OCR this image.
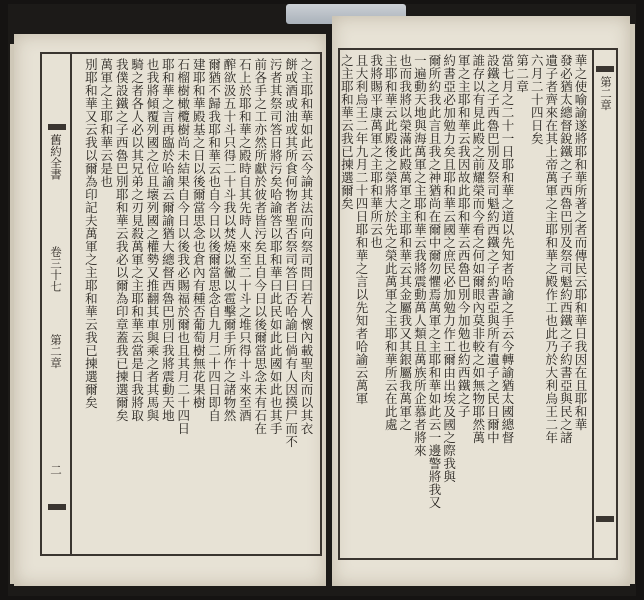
舊約全書
卷三十七
第二章
二
之主耶和華如此云今論其法而向祭司問曰若人懷內載聖肉而以其衣
餅或酒或油或其所食何物者聖否祭司答曰否哈諭曰倘有人因摸尸而不
污者其祭司答日將污矣哈諭答以耶和華曰此民如此此國如此也其手
前各手之工亦然所獻於彼者皆污矣且自今日以後爾當思念未有石在
石上於耶和華之殿時自其先時人來至二十斗之堆只得十斗來至酒
醡欲汲五十斗只得二十斗我以焚燒以黴以雹擊爾手所作之諸物然
爾猶不歸我耶和華云也自今日以後爾當思念自九月二十四日即自
建耶和華殿基之日以後爾當思念也倉內有種否葡萄樹無花果樹
石榴樹橄欖樹尚未結果自今日以後我必賜福於爾也且其月二十四日
耶和華之言再臨於哈諭云爾諭猶大總督西魯巴別曰我將震動天地
也我將傾覆列國之位且壞列國之權勢又推翻其車與乘之者其馬與
騎之者各人必以其兄弟之刃見殺萬軍之主耶和華云當是日我將取
我僕設鐵之子西魯巴別耶和華云我必以爾為印章蓋我已揀選爾矣
萬軍之主耶和華云是也
別耶和華又云我以爾為印記夫萬軍之主耶和華云我已揀選爾矣	第二章
華之使喻諭遂將耶和華所著之者而傳民云耶和華日我因在且耶和華
發必猶太總督銳鐵之子西魯巴別及祭司魁約西鐵之子約書亞與民之諸
遺子者齊來在其上帝萬軍之主耶和華之殿作工也此乃於大利烏王二年
六月二十四日矣
第二章
當七月之二十一日耶和華之道以先知者哈諭之手云今轉諭猶太國總督
設鐵之子西魯巴別及祭司魁約西鐵之子約書亞與所有遺子之民日爾中
誰存以有見此殿之前耀榮而今看之何如爾眼內莫非較之如無物耶然萬
軍之主耶和華云我因故此耶和華云西魯巴別今加勉也約西鐵之子
約書亞必加勉力矣且耶和華云國之庶民必加勉力作工爾由出埃及國之際我與
爾所約我此言且我之神猶尚在爾中爾勿懼焉萬軍之主耶和華如此云一邊警將我又
一遍動天地與海萬軍之主耶和華云我將震動萬人類且萬族所企慕者將來
也而我將以榮滿此殿萬軍之主耶和華云其金屬我又其銀屬我萬軍之
主耶和華云此殿後之榮將大於先之榮此萬軍之主耶和華所云在此處
我將賜平康萬軍之主耶和華所云也
且大利烏王二年九月二十四日耶和華之言以先知者哈諭云萬軍
之主耶和華云我已揀選爾矣
